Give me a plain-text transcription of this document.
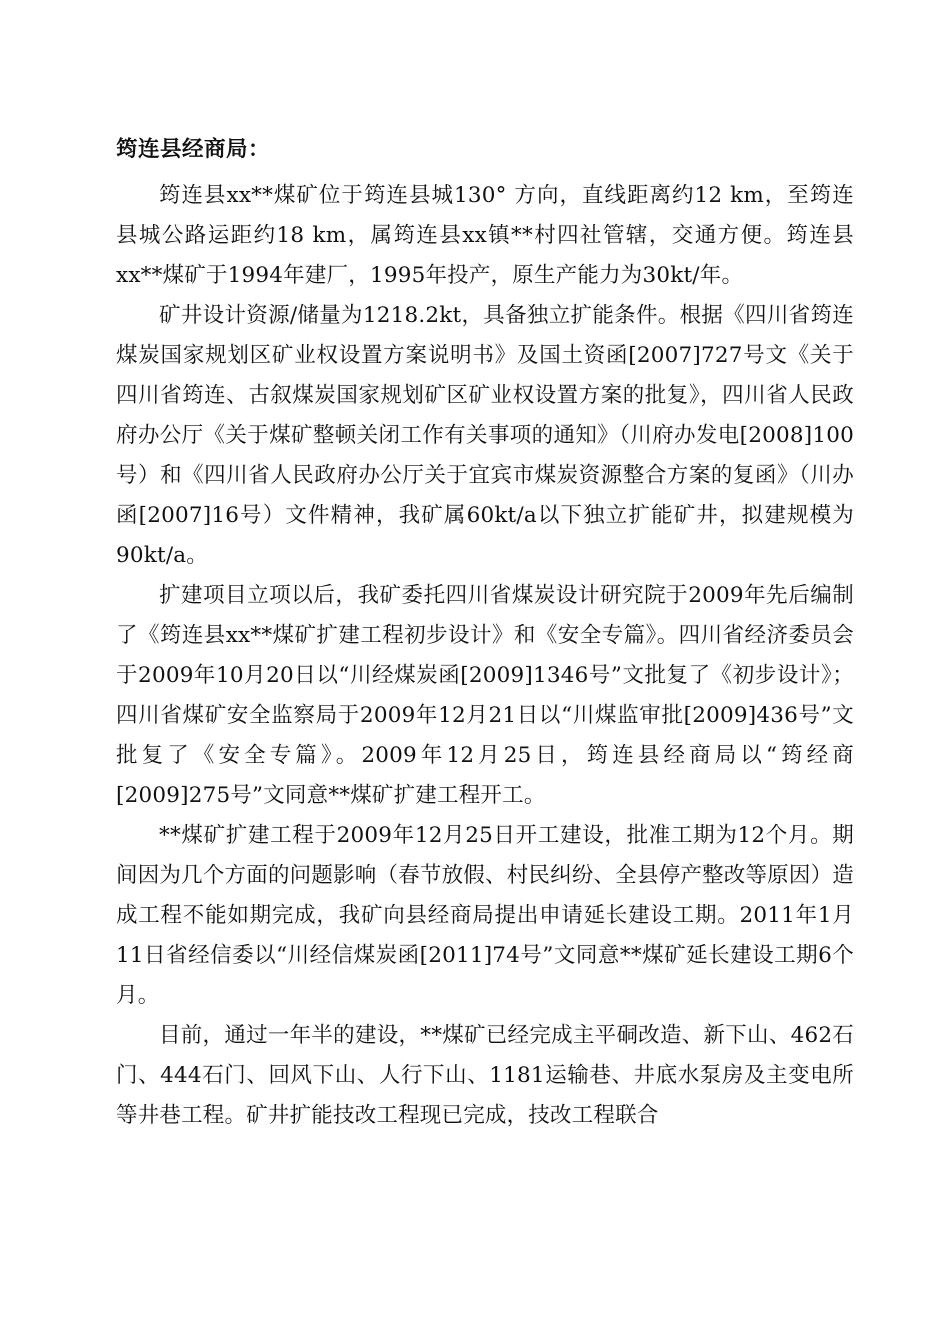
筠连县经商局：

筠连县xx**煤矿位于筠连县城130° 方向，直线距离约12 km，至筠连县城公路运距约18 km，属筠连县xx镇**村四社管辖，交通方便。筠连县xx**煤矿于1994年建厂，1995年投产，原生产能力为30kt/年。

矿井设计资源/储量为1218.2kt，具备独立扩能条件。根据《四川省筠连煤炭国家规划区矿业权设置方案说明书》及国土资函[2007]727号文《关于四川省筠连、古叙煤炭国家规划矿区矿业权设置方案的批复》，四川省人民政府办公厅《关于煤矿整顿关闭工作有关事项的通知》（川府办发电[2008]100号）和《四川省人民政府办公厅关于宜宾市煤炭资源整合方案的复函》（川办函[2007]16号）文件精神，我矿属60kt/a以下独立扩能矿井，拟建规模为90kt/a。

扩建项目立项以后，我矿委托四川省煤炭设计研究院于2009年先后编制了《筠连县xx**煤矿扩建工程初步设计》和《安全专篇》。四川省经济委员会于2009年10月20日以“川经煤炭函[2009]1346号”文批复了《初步设计》；四川省煤矿安全监察局于2009年12月21日以“川煤监审批[2009]436号”文批复了《安全专篇》。2009年12月25日，筠连县经商局以“筠经商[2009]275号”文同意**煤矿扩建工程开工。

**煤矿扩建工程于2009年12月25日开工建设，批准工期为12个月。期间因为几个方面的问题影响（春节放假、村民纠纷、全县停产整改等原因）造成工程不能如期完成，我矿向县经商局提出申请延长建设工期。2011年1月11日省经信委以“川经信煤炭函[2011]74号”文同意**煤矿延长建设工期6个月。

目前，通过一年半的建设，**煤矿已经完成主平硐改造、新下山、462石门、444石门、回风下山、人行下山、1181运输巷、井底水泵房及主变电所等井巷工程。矿井扩能技改工程现已完成，技改工程联合
